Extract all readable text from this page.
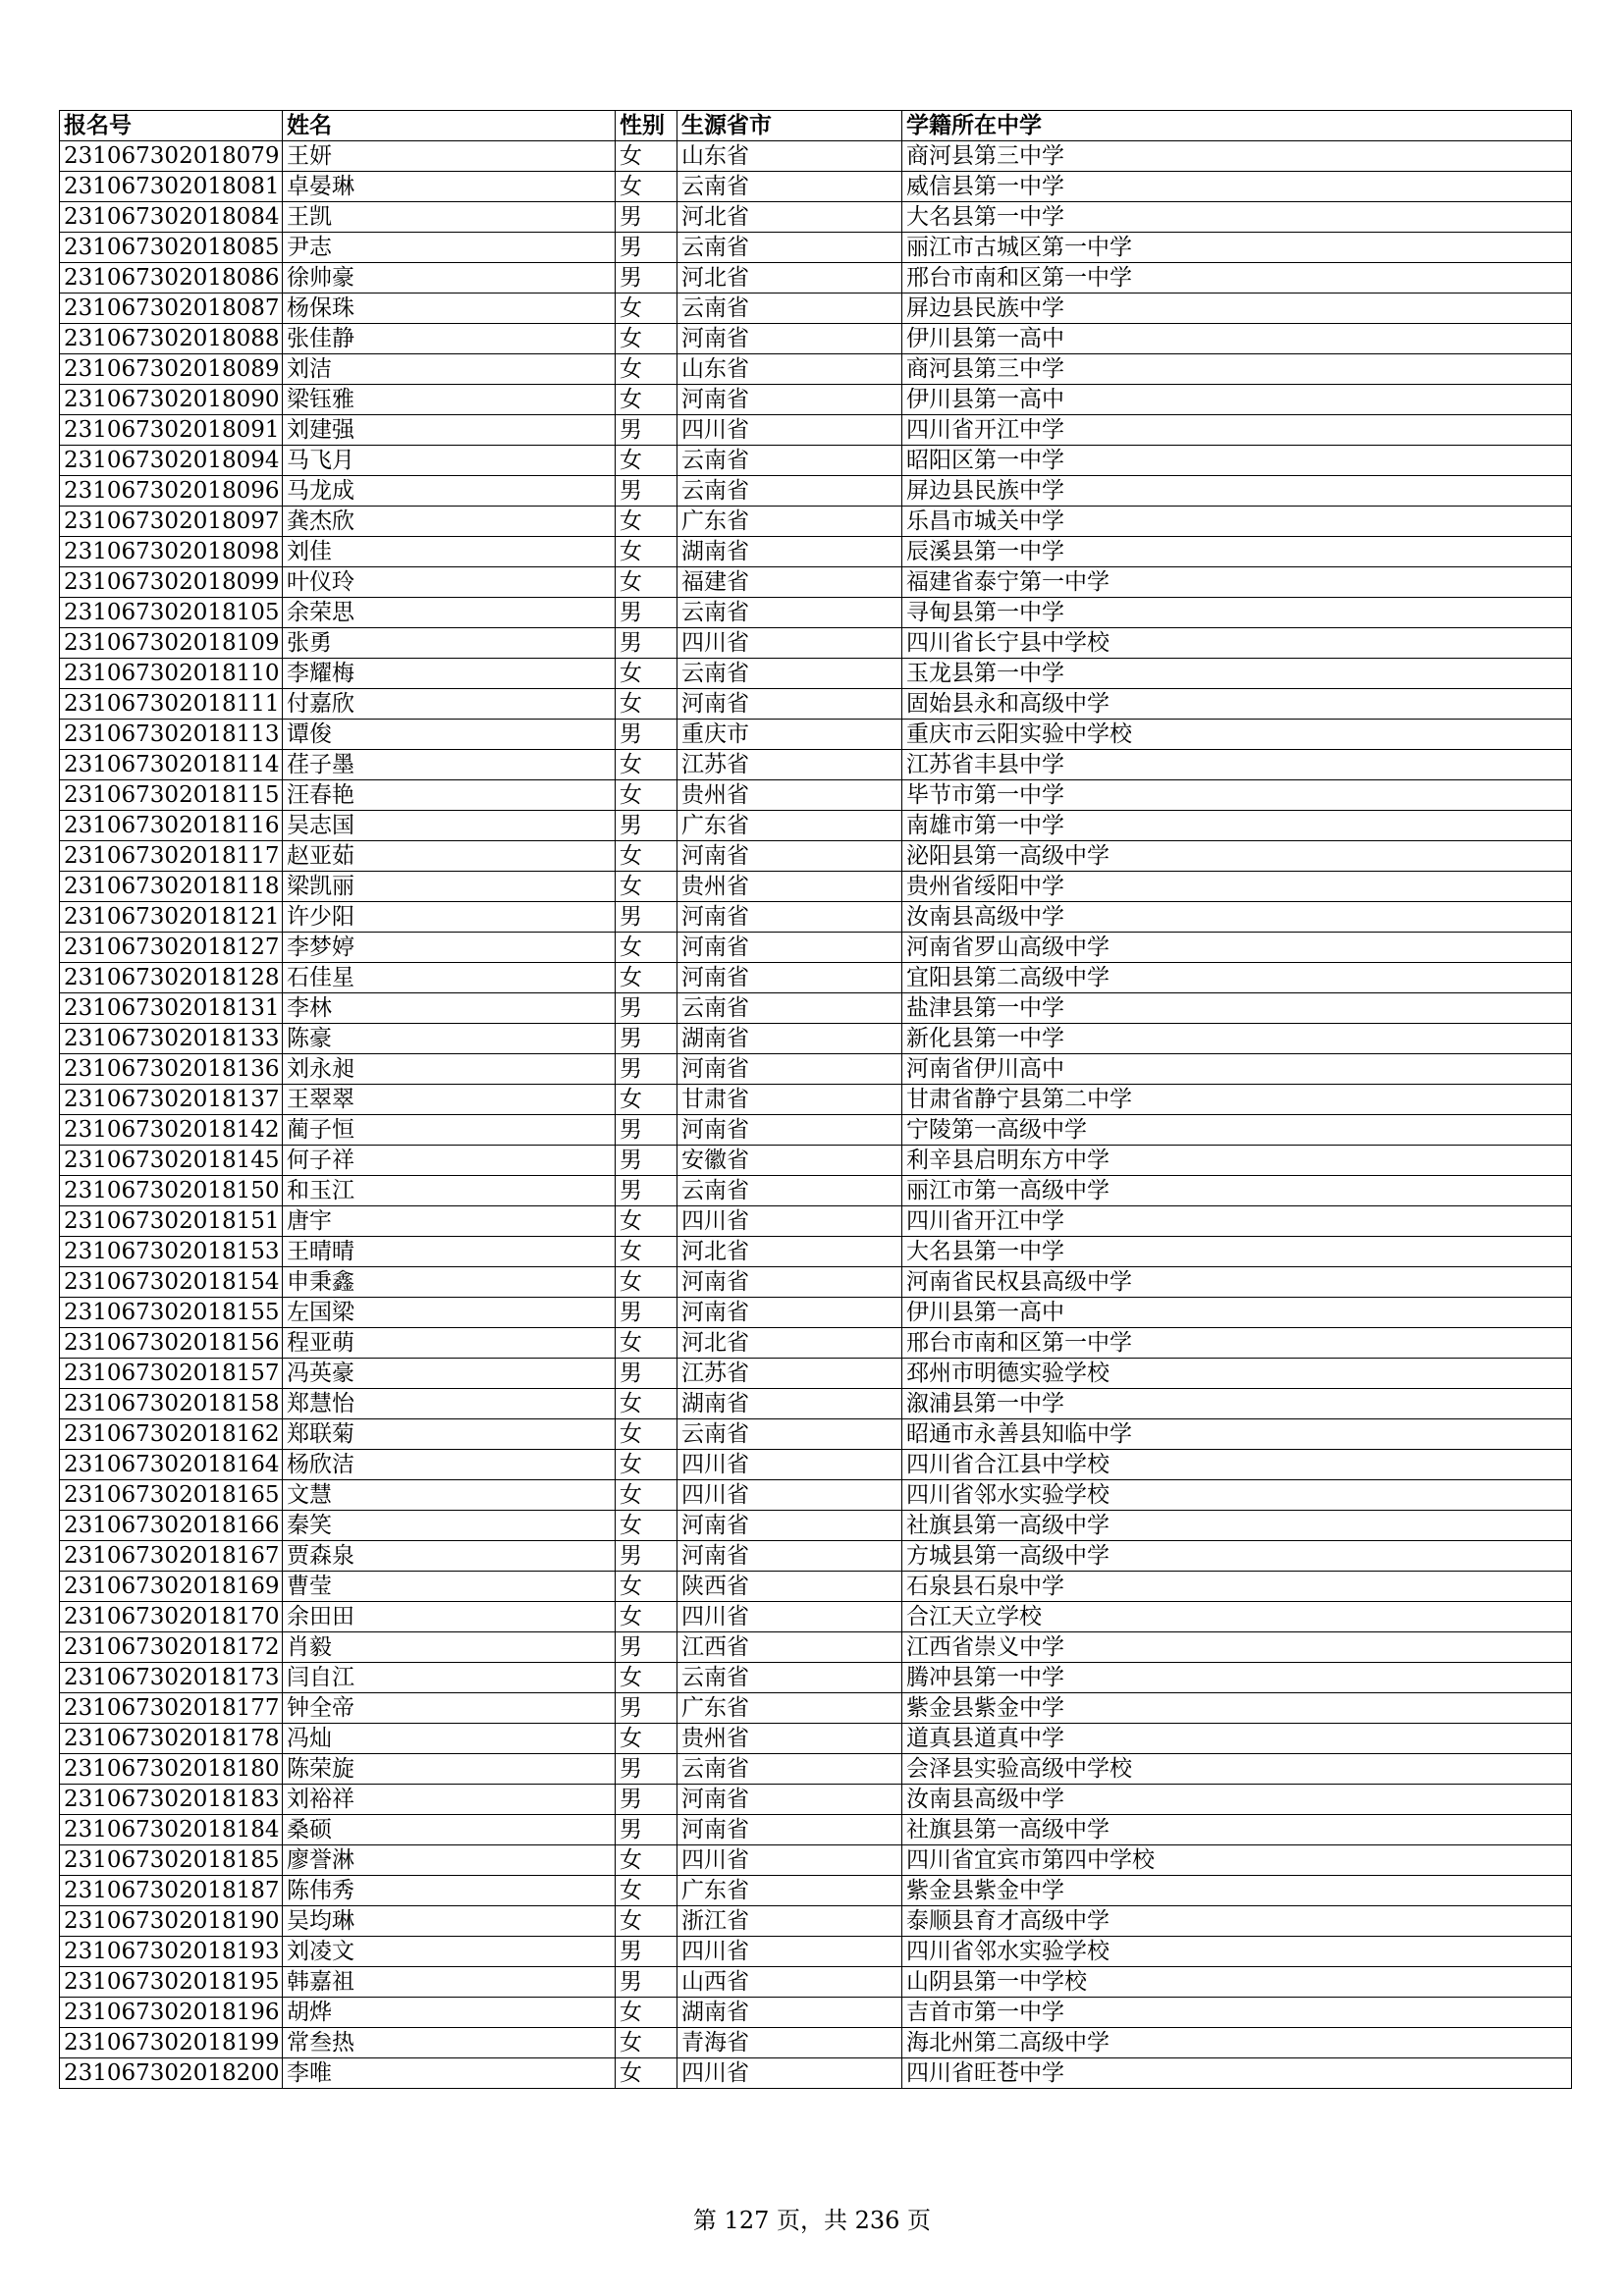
报名号	姓名	性别	生源省市	学籍所在中学
231067302018079	王妍	女	山东省	商河县第三中学
231067302018081	卓晏琳	女	云南省	威信县第一中学
231067302018084	王凯	男	河北省	大名县第一中学
231067302018085	尹志	男	云南省	丽江市古城区第一中学
231067302018086	徐帅豪	男	河北省	邢台市南和区第一中学
231067302018087	杨保珠	女	云南省	屏边县民族中学
231067302018088	张佳静	女	河南省	伊川县第一高中
231067302018089	刘洁	女	山东省	商河县第三中学
231067302018090	梁钰雅	女	河南省	伊川县第一高中
231067302018091	刘建强	男	四川省	四川省开江中学
231067302018094	马飞月	女	云南省	昭阳区第一中学
231067302018096	马龙成	男	云南省	屏边县民族中学
231067302018097	龚杰欣	女	广东省	乐昌市城关中学
231067302018098	刘佳	女	湖南省	辰溪县第一中学
231067302018099	叶仪玲	女	福建省	福建省泰宁第一中学
231067302018105	余荣思	男	云南省	寻甸县第一中学
231067302018109	张勇	男	四川省	四川省长宁县中学校
231067302018110	李耀梅	女	云南省	玉龙县第一中学
231067302018111	付嘉欣	女	河南省	固始县永和高级中学
231067302018113	谭俊	男	重庆市	重庆市云阳实验中学校
231067302018114	荏子墨	女	江苏省	江苏省丰县中学
231067302018115	汪春艳	女	贵州省	毕节市第一中学
231067302018116	吴志国	男	广东省	南雄市第一中学
231067302018117	赵亚茹	女	河南省	泌阳县第一高级中学
231067302018118	梁凯丽	女	贵州省	贵州省绥阳中学
231067302018121	许少阳	男	河南省	汝南县高级中学
231067302018127	李梦婷	女	河南省	河南省罗山高级中学
231067302018128	石佳星	女	河南省	宜阳县第二高级中学
231067302018131	李林	男	云南省	盐津县第一中学
231067302018133	陈豪	男	湖南省	新化县第一中学
231067302018136	刘永昶	男	河南省	河南省伊川高中
231067302018137	王翠翠	女	甘肃省	甘肃省静宁县第二中学
231067302018142	蔺子恒	男	河南省	宁陵第一高级中学
231067302018145	何子祥	男	安徽省	利辛县启明东方中学
231067302018150	和玉江	男	云南省	丽江市第一高级中学
231067302018151	唐宇	女	四川省	四川省开江中学
231067302018153	王晴晴	女	河北省	大名县第一中学
231067302018154	申秉鑫	女	河南省	河南省民权县高级中学
231067302018155	左国梁	男	河南省	伊川县第一高中
231067302018156	程亚萌	女	河北省	邢台市南和区第一中学
231067302018157	冯英豪	男	江苏省	邳州市明德实验学校
231067302018158	郑慧怡	女	湖南省	溆浦县第一中学
231067302018162	郑联菊	女	云南省	昭通市永善县知临中学
231067302018164	杨欣洁	女	四川省	四川省合江县中学校
231067302018165	文慧	女	四川省	四川省邻水实验学校
231067302018166	秦笑	女	河南省	社旗县第一高级中学
231067302018167	贾森泉	男	河南省	方城县第一高级中学
231067302018169	曹莹	女	陕西省	石泉县石泉中学
231067302018170	余田田	女	四川省	合江天立学校
231067302018172	肖毅	男	江西省	江西省崇义中学
231067302018173	闫自江	女	云南省	腾冲县第一中学
231067302018177	钟全帝	男	广东省	紫金县紫金中学
231067302018178	冯灿	女	贵州省	道真县道真中学
231067302018180	陈荣旋	男	云南省	会泽县实验高级中学校
231067302018183	刘裕祥	男	河南省	汝南县高级中学
231067302018184	桑硕	男	河南省	社旗县第一高级中学
231067302018185	廖誉淋	女	四川省	四川省宜宾市第四中学校
231067302018187	陈伟秀	女	广东省	紫金县紫金中学
231067302018190	吴均琳	女	浙江省	泰顺县育才高级中学
231067302018193	刘凌文	男	四川省	四川省邻水实验学校
231067302018195	韩嘉祖	男	山西省	山阴县第一中学校
231067302018196	胡烨	女	湖南省	吉首市第一中学
231067302018199	常叁热	女	青海省	海北州第二高级中学
231067302018200	李唯	女	四川省	四川省旺苍中学
第 127 页，共 236 页
